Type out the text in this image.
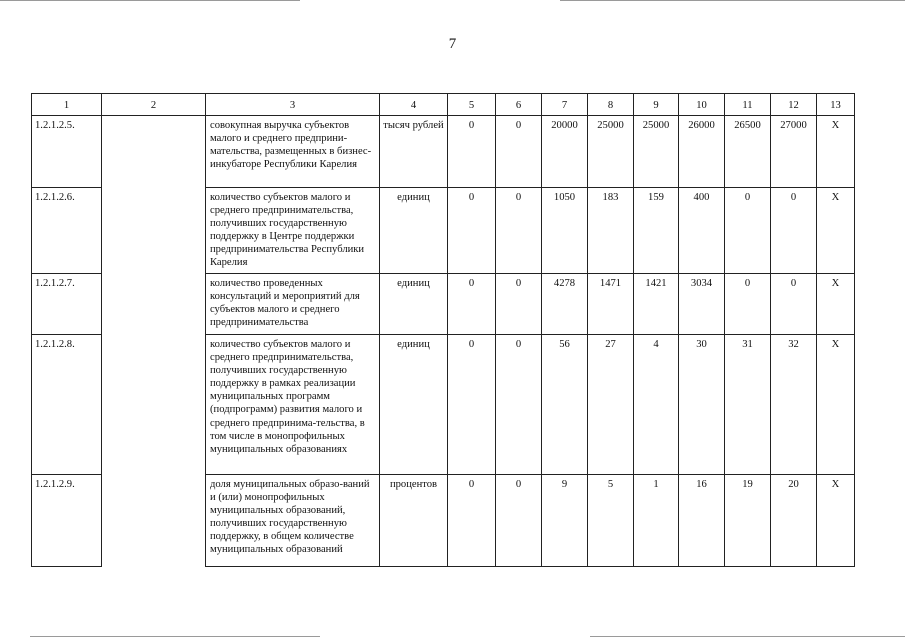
7
1	2	3	4	5	6	7	8	9	10	11	12	13
1.2.1.2.5.		совокупная выручка субъектов малого и среднего предприни-мательства, размещенных в бизнес-инкубаторе Республики Карелия	тысяч рублей	0	0	20000	25000	25000	26000	26500	27000	X
1.2.1.2.6.		количество субъектов малого и среднего предпринимательства, получивших государственную поддержку в Центре поддержки предпринимательства Республики Карелия	единиц	0	0	1050	183	159	400	0	0	X
1.2.1.2.7.		количество проведенных консультаций и мероприятий для субъектов малого и среднего предпринимательства	единиц	0	0	4278	1471	1421	3034	0	0	X
1.2.1.2.8.		количество субъектов малого и среднего предпринимательства, получивших государственную поддержку в рамках реализации муниципальных программ (подпрограмм) развития малого и среднего предпринима-тельства, в том числе в монопрофильных муниципальных образованиях	единиц	0	0	56	27	4	30	31	32	X
1.2.1.2.9.		доля муниципальных образо-ваний и (или) монопрофильных муниципальных образований, получивших государственную поддержку, в общем количестве муниципальных образований	процентов	0	0	9	5	1	16	19	20	X
